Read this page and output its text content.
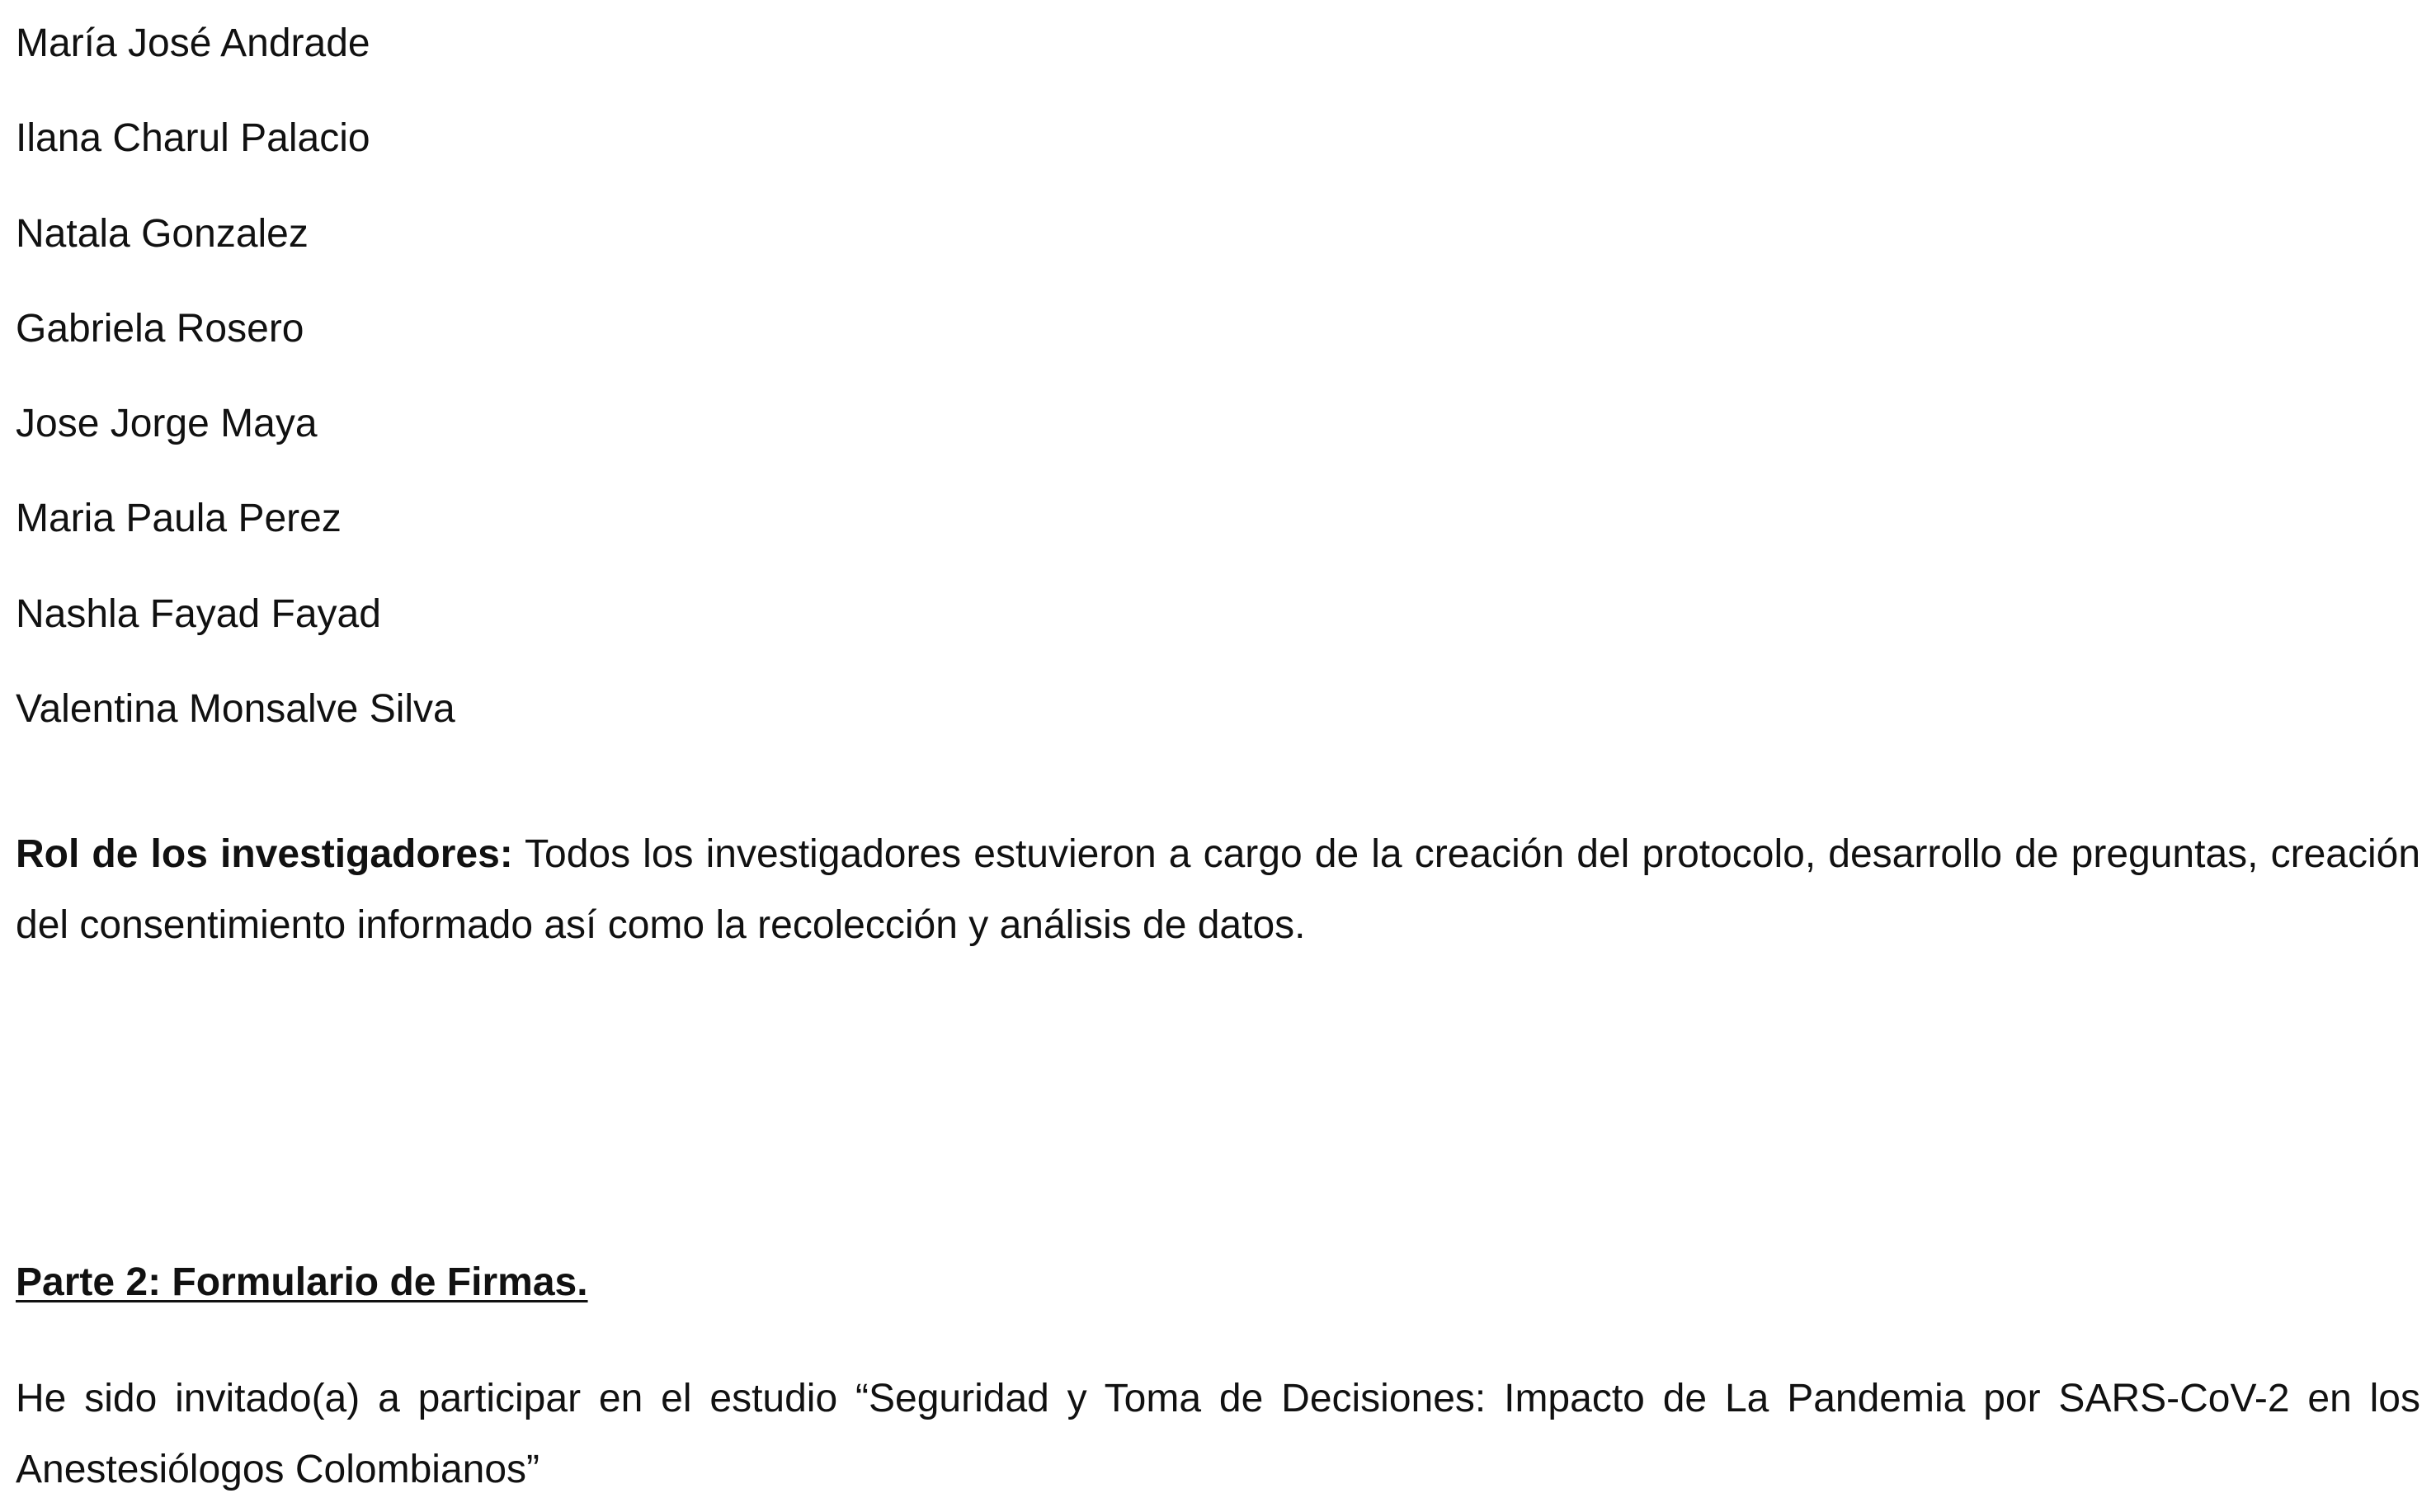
María José Andrade
Ilana Charul Palacio
Natala Gonzalez
Gabriela Rosero
Jose Jorge Maya
Maria Paula Perez
Nashla Fayad Fayad
Valentina Monsalve Silva
Rol de los investigadores: Todos los investigadores estuvieron a cargo de la creación del protocolo, desarrollo de preguntas, creación del consentimiento informado así como la recolección y análisis de datos.
Parte 2: Formulario de Firmas.
He sido invitado(a) a participar en el estudio “Seguridad y Toma de Decisiones: Impacto de La Pandemia por SARS-CoV-2 en los Anestesiólogos Colombianos”
